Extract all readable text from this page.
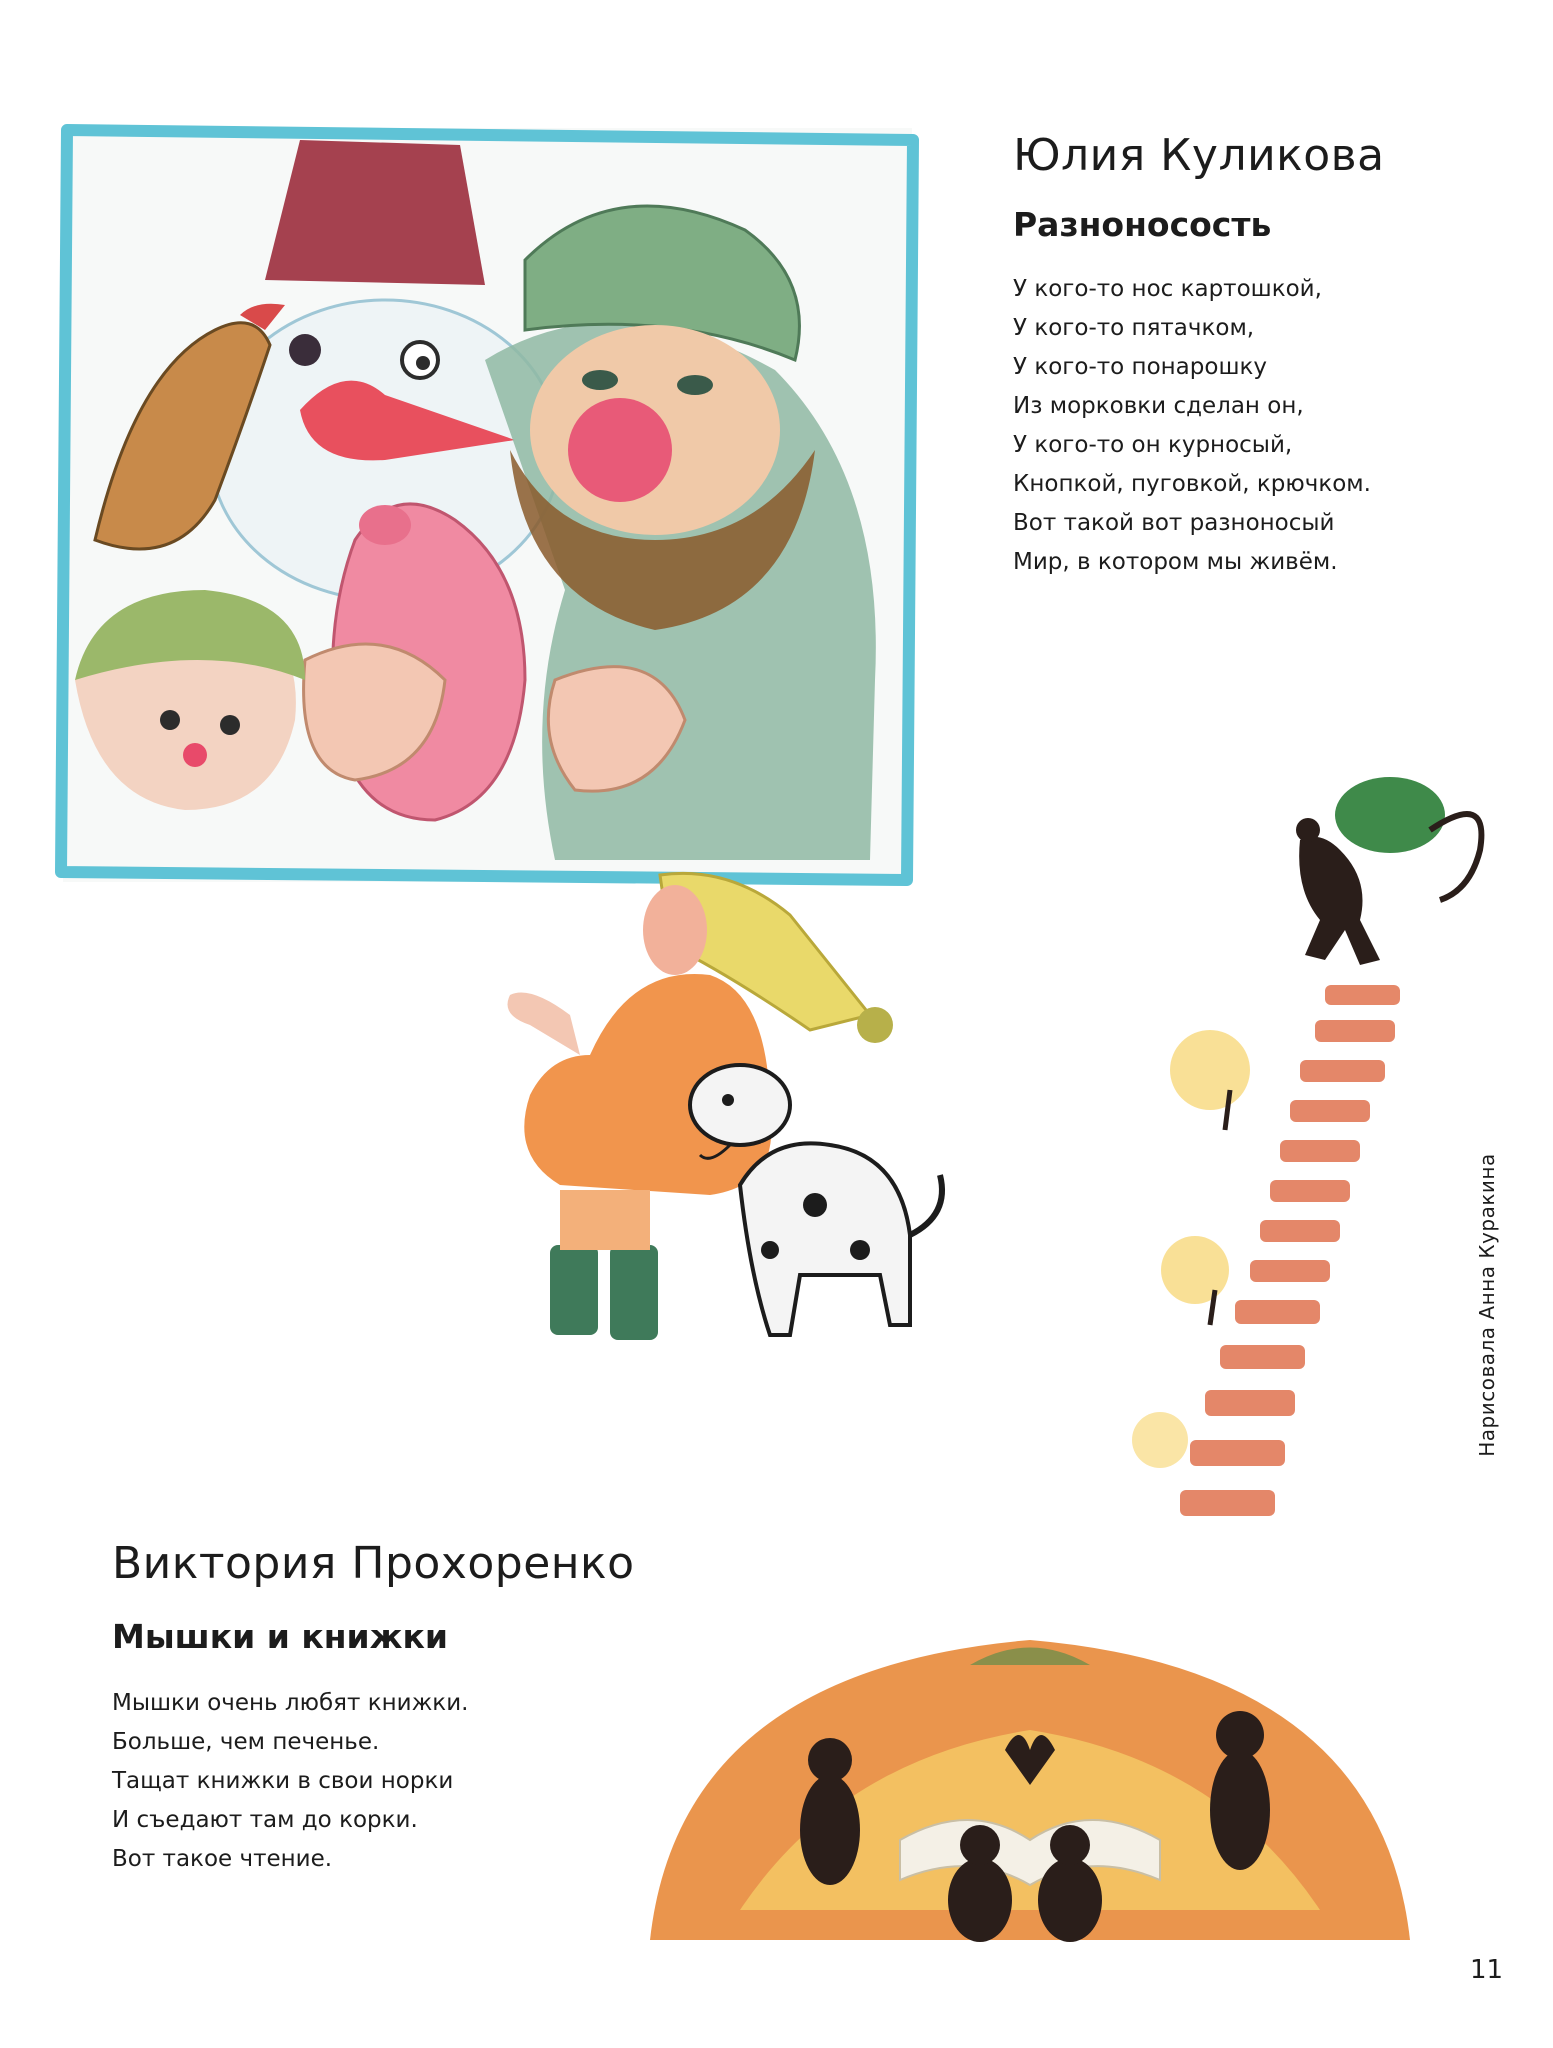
Юлия Куликова
Разноносость
У кого-то нос картошкой,
У кого-то пятачком,
У кого-то понарошку
Из морковки сделан он,
У кого-то он курносый,
Кнопкой, пуговкой, крючком.
Вот такой вот разноносый
Мир, в котором мы живём.
Виктория Прохоренко
Мышки и книжки
Мышки очень любят книжки.
Больше, чем печенье.
Тащат книжки в свои норки
И съедают там до корки.
Вот такое чтение.
Нарисовала Анна Куракина
11
